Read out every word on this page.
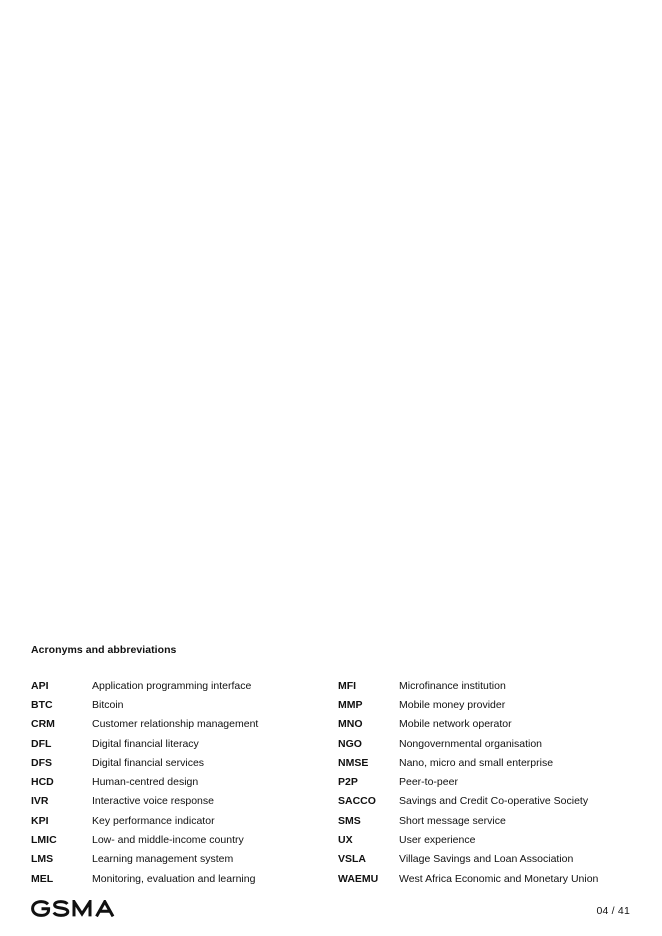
Acronyms and abbreviations
API	Application programming interface
BTC	Bitcoin
CRM	Customer relationship management
DFL	Digital financial literacy
DFS	Digital financial services
HCD	Human-centred design
IVR	Interactive voice response
KPI	Key performance indicator
LMIC	Low- and middle-income country
LMS	Learning management system
MEL	Monitoring, evaluation and learning
MFI	Microfinance institution
MMP	Mobile money provider
MNO	Mobile network operator
NGO	Nongovernmental organisation
NMSE	Nano, micro and small enterprise
P2P	Peer-to-peer
SACCO	Savings and Credit Co-operative Society
SMS	Short message service
UX	User experience
VSLA	Village Savings and Loan Association
WAEMU	West Africa Economic and Monetary Union
04 / 41
